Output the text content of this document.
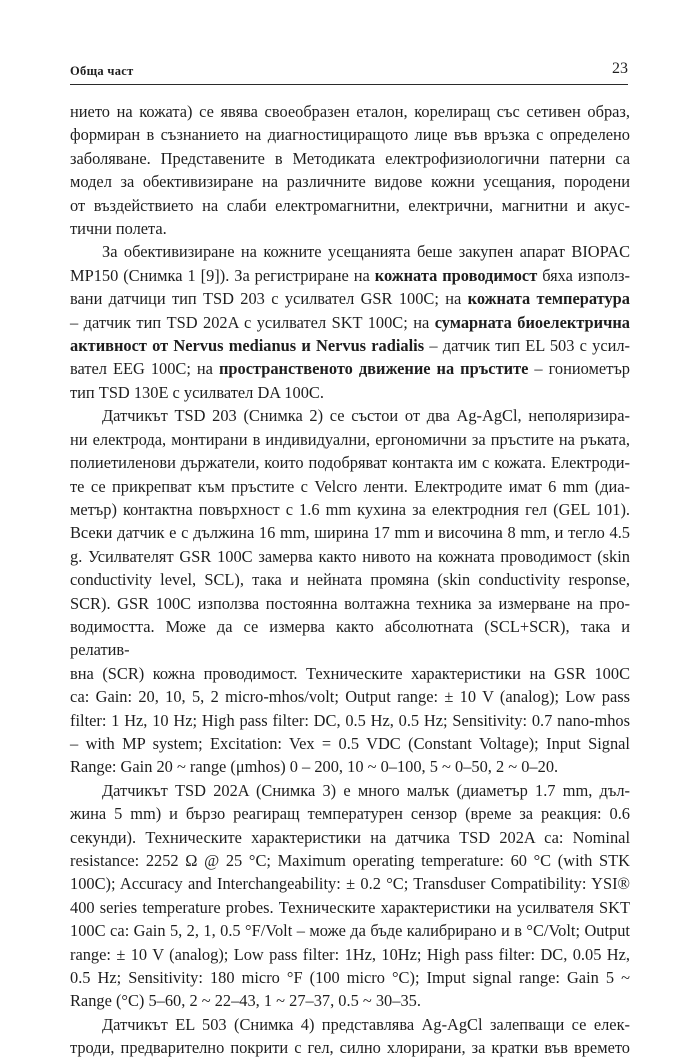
Обща част	23

нието на кожата) се явява своеобразен еталон, корелиращ със сетивен образ,
формиран в съзнанието на диагностициращото лице във връзка с определено
заболяване. Представените в Методиката електрофизиологични патерни са
модел за обективизиране на различните видове кожни усещания, породени
от въздействието на слаби електромагнитни, електрични, магнитни и акус-
тични полета.

За обективизиране на кожните усещанията беше закупен апарат BIOPAC
MP150 (Снимка 1 [9]). За регистриране на кожната проводимост бяха използ-
вани датчици тип TSD 203 с усилвател GSR 100C; на кожната температура
– датчик тип TSD 202A с усилвател SKT 100C; на сумарната биоелектрична
активност от Nervus medianus и Nervus radialis – датчик тип EL 503 с усил-
вател EEG 100C; на пространственото движение на пръстите – гониометър
тип TSD 130E с усилвател DA 100C.

Датчикът TSD 203 (Снимка 2) се състои от два Ag-AgCl, неполяризира-
ни електрода, монтирани в индивидуални, ергономични за пръстите на ръката,
полиетиленови държатели, които подобряват контакта им с кожата. Електроди-
те се прикрепват към пръстите с Velcro ленти. Електродите имат 6 mm (диа-
метър) контактна повърхност с 1.6 mm кухина за електродния гел (GEL 101).
Всеки датчик е с дължина 16 mm, ширина 17 mm и височина 8 mm, и тегло 4.5
g. Усилвателят GSR 100C замерва както нивото на кожната проводимост (skin
conductivity level, SCL), така и нейната промяна (skin conductivity response,
SCR). GSR 100C използва постоянна волтажна техника за измерване на про-
водимостта. Може да се измерва както абсолютната (SCL+SCR), така и релатив-
вна (SCR) кожна проводимост. Техническите характеристики на GSR 100C
са: Gain: 20, 10, 5, 2 micro-mhos/volt; Output range: ± 10 V (analog); Low pass
filter: 1 Hz, 10 Hz; High pass filter: DC, 0.5 Hz, 0.5 Hz; Sensitivity: 0.7 nano-mhos
– with MP system; Excitation: Vex = 0.5 VDC (Constant Voltage); Input Signal
Range: Gain 20 ~ range (μmhos) 0 – 200, 10 ~ 0–100, 5 ~ 0–50, 2 ~ 0–20.

Датчикът TSD 202A (Снимка 3) е много малък (диаметър 1.7 mm, дъл-
жина 5 mm) и бързо реагиращ температурен сензор (време за реакция: 0.6
секунди). Техническите характеристики на датчика TSD 202A са: Nominal
resistance: 2252 Ω @ 25 °C; Maximum operating temperature: 60 °C (with STK
100C); Accuracy and Interchangeability: ± 0.2 °C; Transduser Compatibility: YSI®
400 series temperature probes. Техническите характеристики на усилвателя SKT
100C са: Gain 5, 2, 1, 0.5 °F/Volt – може да бъде калибрирано и в °C/Volt; Output
range: ± 10 V (analog); Low pass filter: 1Hz, 10Hz; High pass filter: DC, 0.05 Hz,
0.5 Hz; Sensitivity: 180 micro °F (100 micro °C); Imput signal range: Gain 5 ~
Range (°C) 5–60, 2 ~ 22–43, 1 ~ 27–37, 0.5 ~ 30–35.

Датчикът EL 503 (Снимка 4) представлява Ag-AgCl залепващи се елек-
троди, предварително покрити с гел, силно хлорирани, за кратки във времето
